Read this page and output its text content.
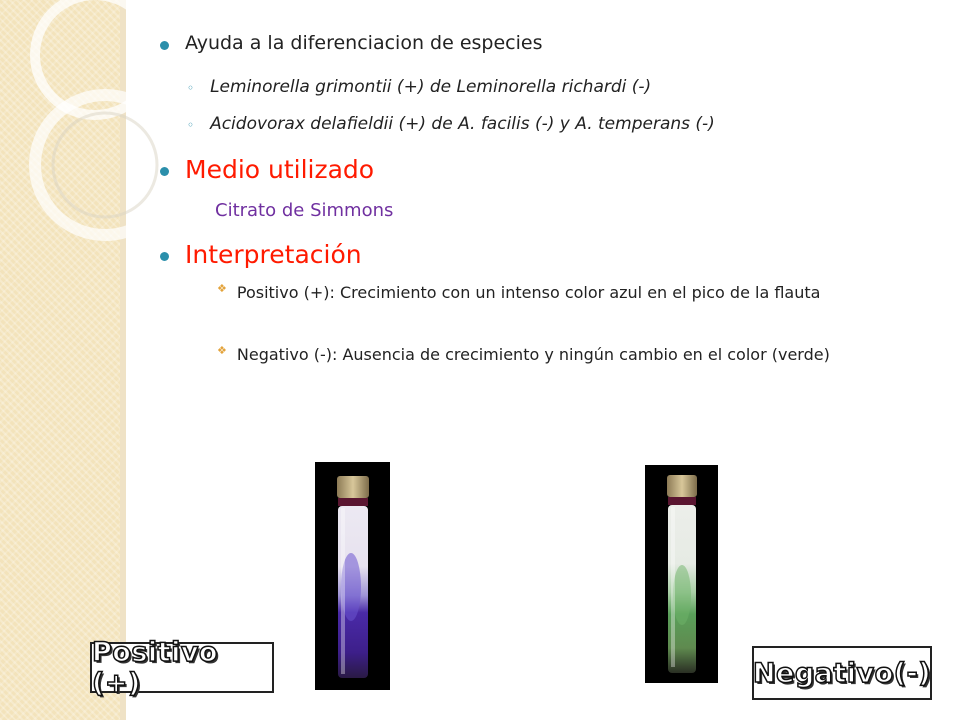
Ayuda a la diferenciacion de especies
◦ Leminorella grimontii (+) de Leminorella richardi (-)
◦ Acidovorax delafieldii (+) de A. facilis (-) y A. temperans (-)
Medio utilizado
Citrato de Simmons
Interpretación
❖ Positivo (+): Crecimiento con un intenso color azul en el pico de la flauta
❖ Negativo (-): Ausencia de crecimiento y ningún cambio en el color (verde)
Positivo (+)	Negativo(-)
